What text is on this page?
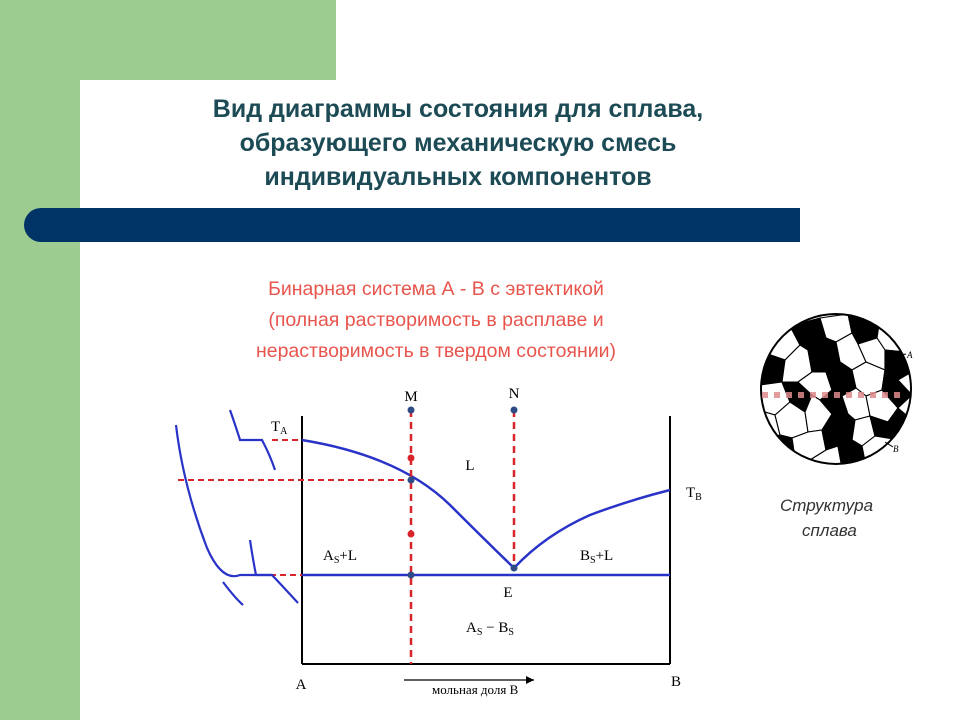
Вид диаграммы состояния для сплава,
образующего механическую смесь
индивидуальных компонентов

Бинарная система А - В с эвтектикой
(полная растворимость в расплаве и
нерастворимость в твердом состоянии)

$T_A$
$T_B$
M	N
L
$A_S+L$	$B_S+L$
E
$A_S - B_S$
A	B
мольная доля В
A
B

Структура
сплава
